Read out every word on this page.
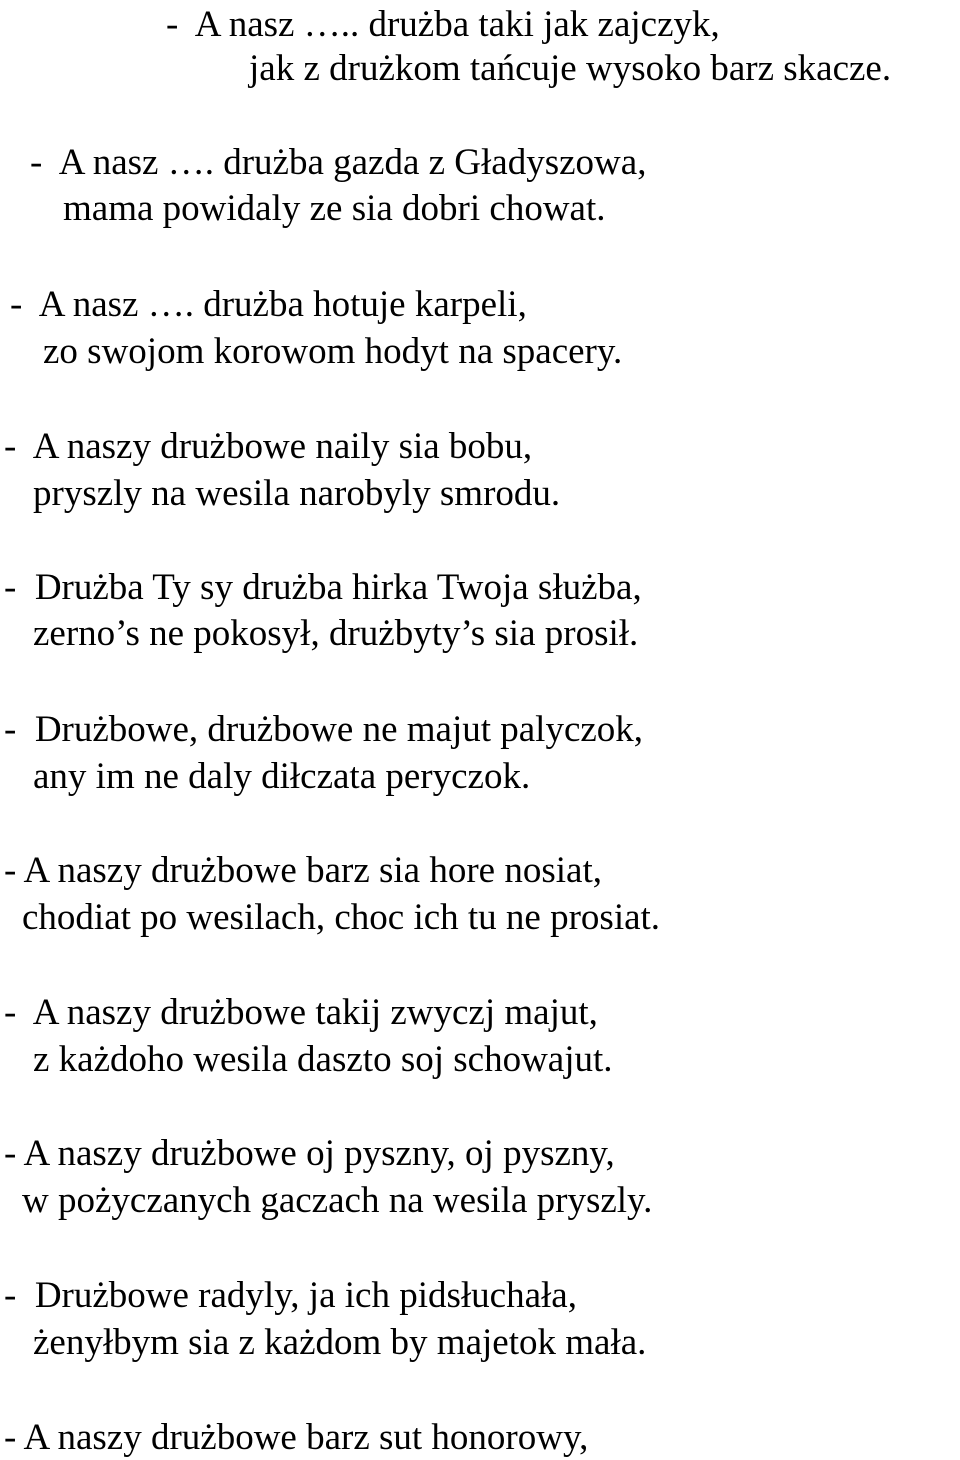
-  A nasz ….. drużba taki jak zajczyk,
jak z drużkom tańcuje wysoko barz skacze.
-  A nasz …. drużba gazda z Gładyszowa,
mama powidaly ze sia dobri chowat.
-  A nasz …. drużba hotuje karpeli,
zo swojom korowom hodyt na spacery.
-  A naszy drużbowe naily sia bobu,
pryszly na wesila narobyly smrodu.
-  Drużba Ty sy drużba hirka Twoja służba,
zerno’s ne pokosył, drużbyty’s sia prosił.
-  Drużbowe, drużbowe ne majut palyczok,
any im ne daly diłczata peryczok.
- A naszy drużbowe barz sia hore nosiat,
chodiat po wesilach, choc ich tu ne prosiat.
-  A naszy drużbowe takij zwyczj majut,
z każdoho wesila daszto soj schowajut.
- A naszy drużbowe oj pyszny, oj pyszny,
w pożyczanych gaczach na wesila pryszly.
-  Drużbowe radyly, ja ich pidsłuchała,
żenyłbym sia z każdom by majetok mała.
- A naszy drużbowe barz sut honorowy,
